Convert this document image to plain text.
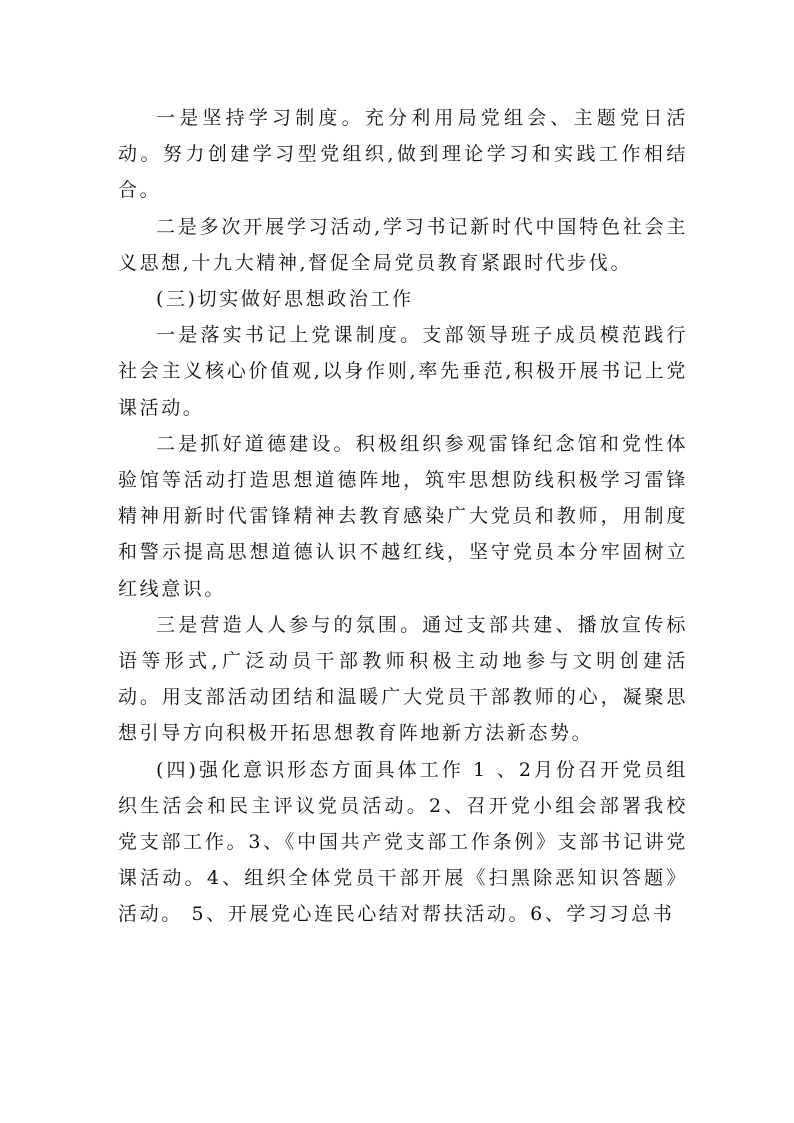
一是坚持学习制度。充分利用局党组会、主题党日活动。努力创建学习型党组织,做到理论学习和实践工作相结合。

二是多次开展学习活动,学习书记新时代中国特色社会主义思想,十九大精神,督促全局党员教育紧跟时代步伐。

(三)切实做好思想政治工作

一是落实书记上党课制度。支部领导班子成员模范践行社会主义核心价值观,以身作则,率先垂范,积极开展书记上党课活动。

二是抓好道德建设。积极组织参观雷锋纪念馆和党性体验馆等活动打造思想道德阵地，筑牢思想防线积极学习雷锋精神用新时代雷锋精神去教育感染广大党员和教师，用制度和警示提高思想道德认识不越红线，坚守党员本分牢固树立红线意识。

三是营造人人参与的氛围。通过支部共建、播放宣传标语等形式,广泛动员干部教师积极主动地参与文明创建活动。用支部活动团结和温暖广大党员干部教师的心，凝聚思想引导方向积极开拓思想教育阵地新方法新态势。

(四)强化意识形态方面具体工作 1 、2月份召开党员组织生活会和民主评议党员活动。2、召开党小组会部署我校党支部工作。3、《中国共产党支部工作条例》支部书记讲党课活动。4、组织全体党员干部开展《扫黑除恶知识答题》活动。 5、开展党心连民心结对帮扶活动。6、学习习总书
